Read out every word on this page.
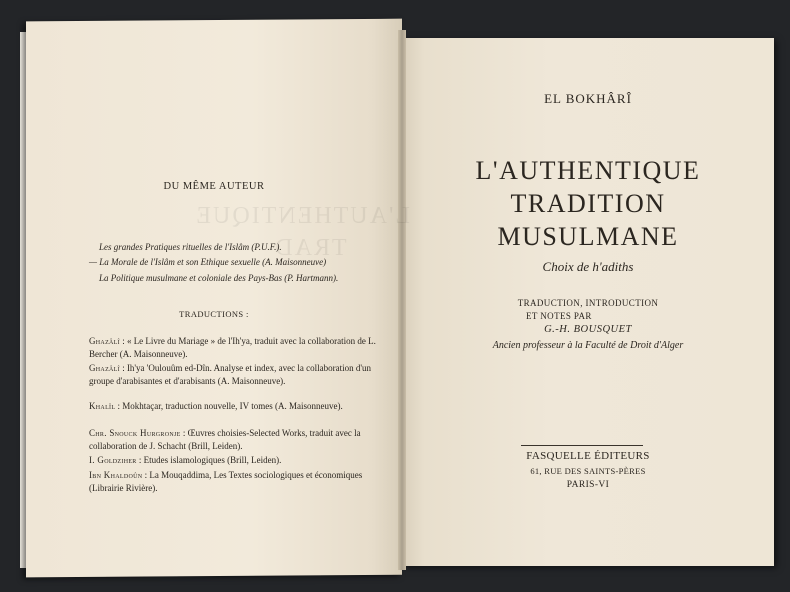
L'AUTHENTIQUE
TRAD
DU MÊME AUTEUR
Les grandes Pratiques rituelles de l'Islâm (P.U.F.).
— La Morale de l'Islâm et son Ethique sexuelle (A. Maisonneuve)
La Politique musulmane et coloniale des Pays-Bas (P. Hartmann).
TRADUCTIONS :
Ghazâlî : « Le Livre du Mariage » de l'Ih'ya, traduit avec la collaboration de L. Bercher (A. Maisonneuve).
Ghazâlî : Ih'ya 'Oulouûm ed-Dîn. Analyse et index, avec la collaboration d'un groupe d'arabisantes et d'arabisants (A. Maisonneuve).
Khalîl : Mokhtaçar, traduction nouvelle, IV tomes (A. Maisonneuve).
Chr. Snouck Hurgronje : Œuvres choisies-Selected Works, traduit avec la collaboration de J. Schacht (Brill, Leiden).
I. Goldziher : Etudes islamologiques (Brill, Leiden).
Ibn Khaldoûn : La Mouqaddima, Les Textes sociologiques et économiques (Librairie Rivière).
EL BOKHÂRÎ
L'AUTHENTIQUE
TRADITION
MUSULMANE
Choix de h'adiths
TRADUCTION, INTRODUCTION
ET NOTES PAR
G.-H. BOUSQUET
Ancien professeur à la Faculté de Droit d'Alger
FASQUELLE ÉDITEURS
61, RUE DES SAINTS-PÈRES
PARIS-VI
